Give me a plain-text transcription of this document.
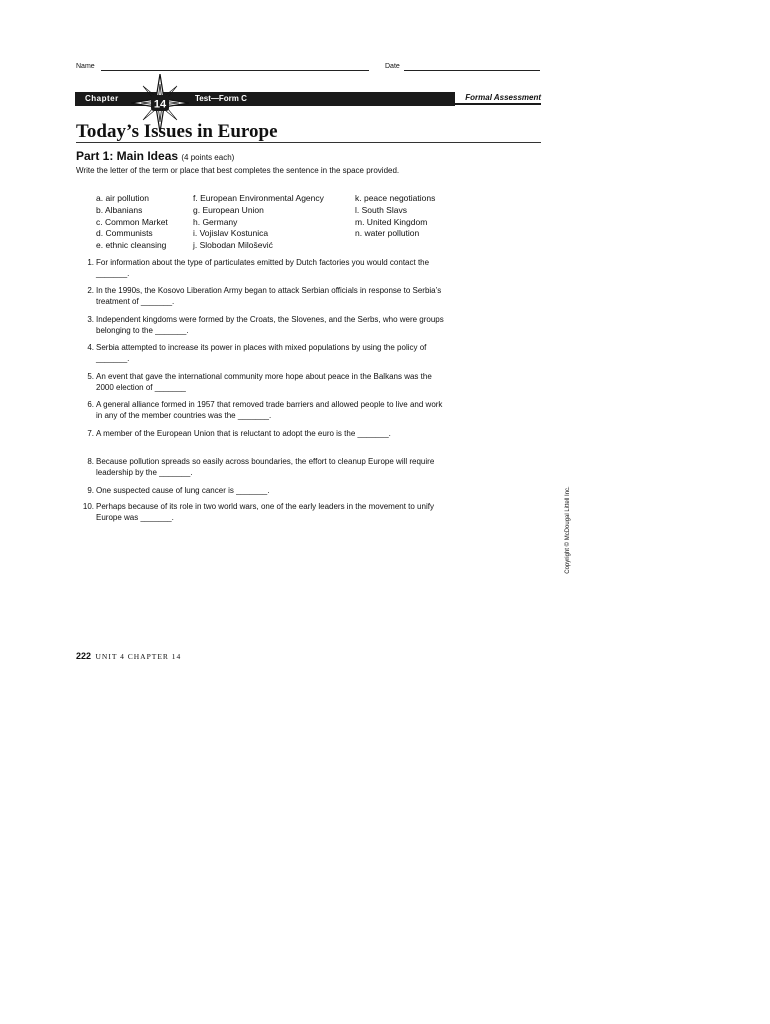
Name	Date
Chapter	Test—Form C	Formal Assessment
14
Today’s Issues in Europe
Part 1: Main Ideas (4 points each)
Write the letter of the term or place that best completes the sentence in the space provided.
a. air pollution
b. Albanians
c. Common Market
d. Communists
e. ethnic cleansing
f. European Environmental Agency
g. European Union
h. Germany
i. Vojislav Kostunica
j. Slobodan Milos̆ević
k. peace negotiations
l. South Slavs
m. United Kingdom
n. water pollution
1. For information about the type of particulates emitted by Dutch factories you would contact the _______.
2. In the 1990s, the Kosovo Liberation Army began to attack Serbian officials in response to Serbia’s treatment of _______.
3. Independent kingdoms were formed by the Croats, the Slovenes, and the Serbs, who were groups belonging to the _______.
4. Serbia attempted to increase its power in places with mixed populations by using the policy of _______.
5. An event that gave the international community more hope about peace in the Balkans was the 2000 election of _______
6. A general alliance formed in 1957 that removed trade barriers and allowed people to live and work in any of the member countries was the _______.
7. A member of the European Union that is reluctant to adopt the euro is the _______.
8. Because pollution spreads so easily across boundaries, the effort to cleanup Europe will require leadership by the _______.
9. One suspected cause of lung cancer is _______.
10. Perhaps because of its role in two world wars, one of the early leaders in the movement to unify Europe was _______.	Copyright © McDougal Littell Inc.
222 UNIT 4 CHAPTER 14
